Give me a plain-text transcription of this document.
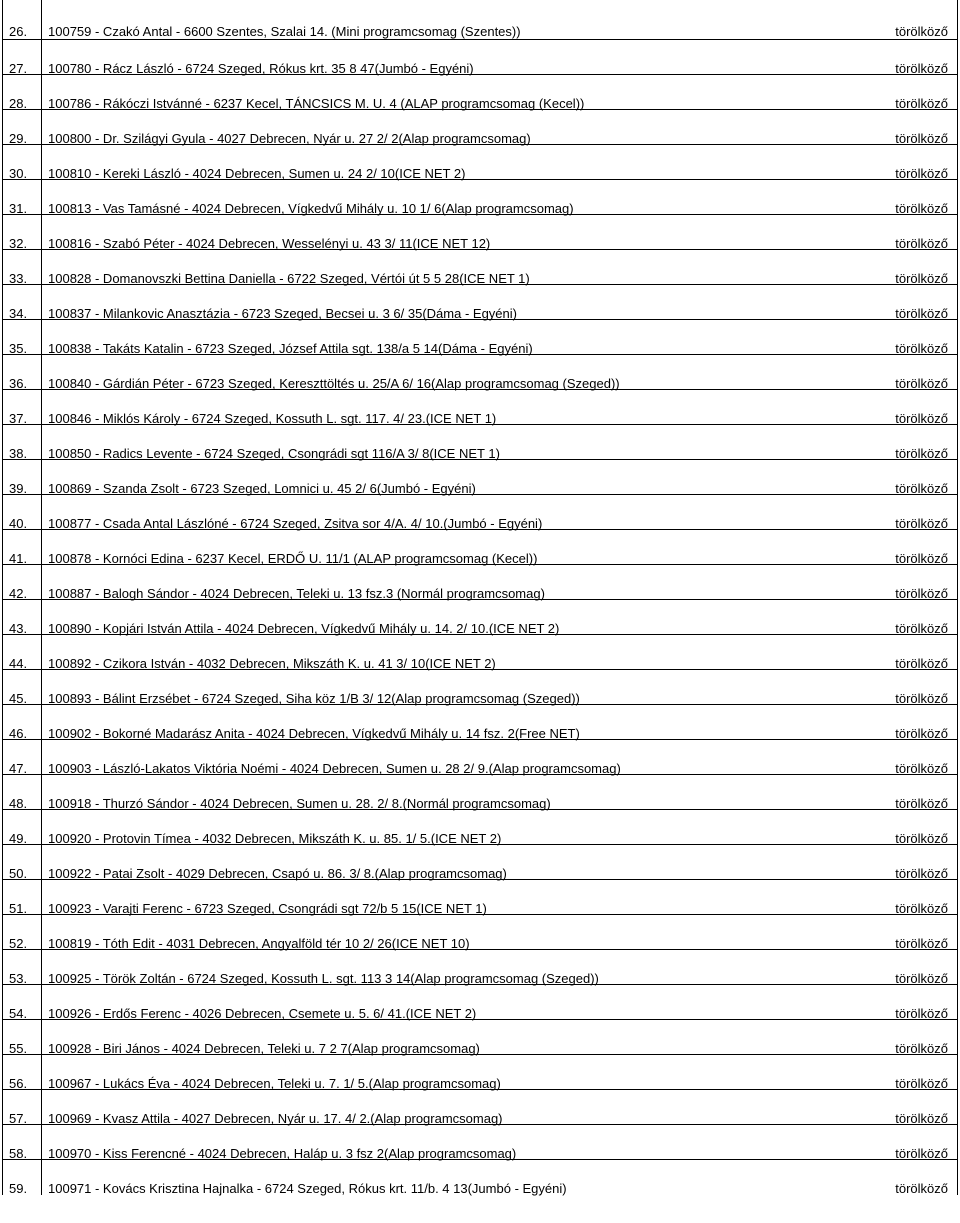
26. 100759 - Czakó Antal - 6600 Szentes, Szalai 14. (Mini programcsomag (Szentes))	törölköző
27. 100780 - Rácz László - 6724 Szeged, Rókus krt. 35 8 47(Jumbó - Egyéni)	törölköző
28. 100786 - Rákóczi Istvánné - 6237 Kecel, TÁNCSICS M. U. 4 (ALAP programcsomag (Kecel))	törölköző
29. 100800 - Dr. Szilágyi Gyula - 4027 Debrecen, Nyár u. 27 2/ 2(Alap programcsomag)	törölköző
30. 100810 - Kereki László - 4024 Debrecen, Sumen u. 24 2/ 10(ICE NET 2)	törölköző
31. 100813 - Vas Tamásné - 4024 Debrecen, Vígkedvű Mihály u. 10 1/ 6(Alap programcsomag)	törölköző
32. 100816 - Szabó Péter - 4024 Debrecen, Wesselényi u. 43 3/ 11(ICE NET 12)	törölköző
33. 100828 - Domanovszki Bettina Daniella - 6722 Szeged, Vértói út 5 5 28(ICE NET 1)	törölköző
34. 100837 - Milankovic Anasztázia - 6723 Szeged, Becsei u. 3 6/ 35(Dáma - Egyéni)	törölköző
35. 100838 - Takáts Katalin - 6723 Szeged, József Attila sgt. 138/a 5 14(Dáma - Egyéni)	törölköző
36. 100840 - Gárdián Péter - 6723 Szeged, Kereszttöltés u. 25/A 6/ 16(Alap programcsomag (Szeged))	törölköző
37. 100846 - Miklós Károly - 6724 Szeged, Kossuth L. sgt. 117. 4/ 23.(ICE NET 1)	törölköző
38. 100850 - Radics Levente - 6724 Szeged, Csongrádi sgt 116/A 3/ 8(ICE NET 1)	törölköző
39. 100869 - Szanda Zsolt - 6723 Szeged, Lomnici u. 45 2/ 6(Jumbó - Egyéni)	törölköző
40. 100877 - Csada Antal Lászlóné - 6724 Szeged, Zsitva sor 4/A. 4/ 10.(Jumbó - Egyéni)	törölköző
41. 100878 - Kornóci Edina - 6237 Kecel, ERDŐ U. 11/1 (ALAP programcsomag (Kecel))	törölköző
42. 100887 - Balogh Sándor - 4024 Debrecen, Teleki u. 13 fsz.3 (Normál programcsomag)	törölköző
43. 100890 - Kopjári István Attila - 4024 Debrecen, Vígkedvű Mihály u. 14. 2/ 10.(ICE NET 2)	törölköző
44. 100892 - Czikora István - 4032 Debrecen, Mikszáth K. u. 41 3/ 10(ICE NET 2)	törölköző
45. 100893 - Bálint Erzsébet - 6724 Szeged, Siha köz 1/B 3/ 12(Alap programcsomag (Szeged))	törölköző
46. 100902 - Bokorné Madarász Anita - 4024 Debrecen, Vígkedvű Mihály u. 14 fsz. 2(Free NET)	törölköző
47. 100903 - László-Lakatos Viktória Noémi - 4024 Debrecen, Sumen u. 28 2/ 9.(Alap programcsomag)	törölköző
48. 100918 - Thurzó Sándor - 4024 Debrecen, Sumen u. 28. 2/ 8.(Normál programcsomag)	törölköző
49. 100920 - Protovin Tímea - 4032 Debrecen, Mikszáth K. u. 85. 1/ 5.(ICE NET 2)	törölköző
50. 100922 - Patai Zsolt - 4029 Debrecen, Csapó u. 86. 3/ 8.(Alap programcsomag)	törölköző
51. 100923 - Varajti Ferenc - 6723 Szeged, Csongrádi sgt 72/b 5 15(ICE NET 1)	törölköző
52. 100819 - Tóth Edit - 4031 Debrecen, Angyalföld tér 10 2/ 26(ICE NET 10)	törölköző
53. 100925 - Török Zoltán - 6724 Szeged, Kossuth L. sgt. 113 3 14(Alap programcsomag (Szeged))	törölköző
54. 100926 - Erdős Ferenc - 4026 Debrecen, Csemete u. 5. 6/ 41.(ICE NET 2)	törölköző
55. 100928 - Biri János - 4024 Debrecen, Teleki u. 7 2 7(Alap programcsomag)	törölköző
56. 100967 - Lukács Éva - 4024 Debrecen, Teleki u. 7. 1/ 5.(Alap programcsomag)	törölköző
57. 100969 - Kvasz Attila - 4027 Debrecen, Nyár u. 17. 4/ 2.(Alap programcsomag)	törölköző
58. 100970 - Kiss Ferencné - 4024 Debrecen, Haláp u. 3 fsz 2(Alap programcsomag)	törölköző
59. 100971 - Kovács Krisztina Hajnalka - 6724 Szeged, Rókus krt. 11/b. 4 13(Jumbó - Egyéni)	törölköző
